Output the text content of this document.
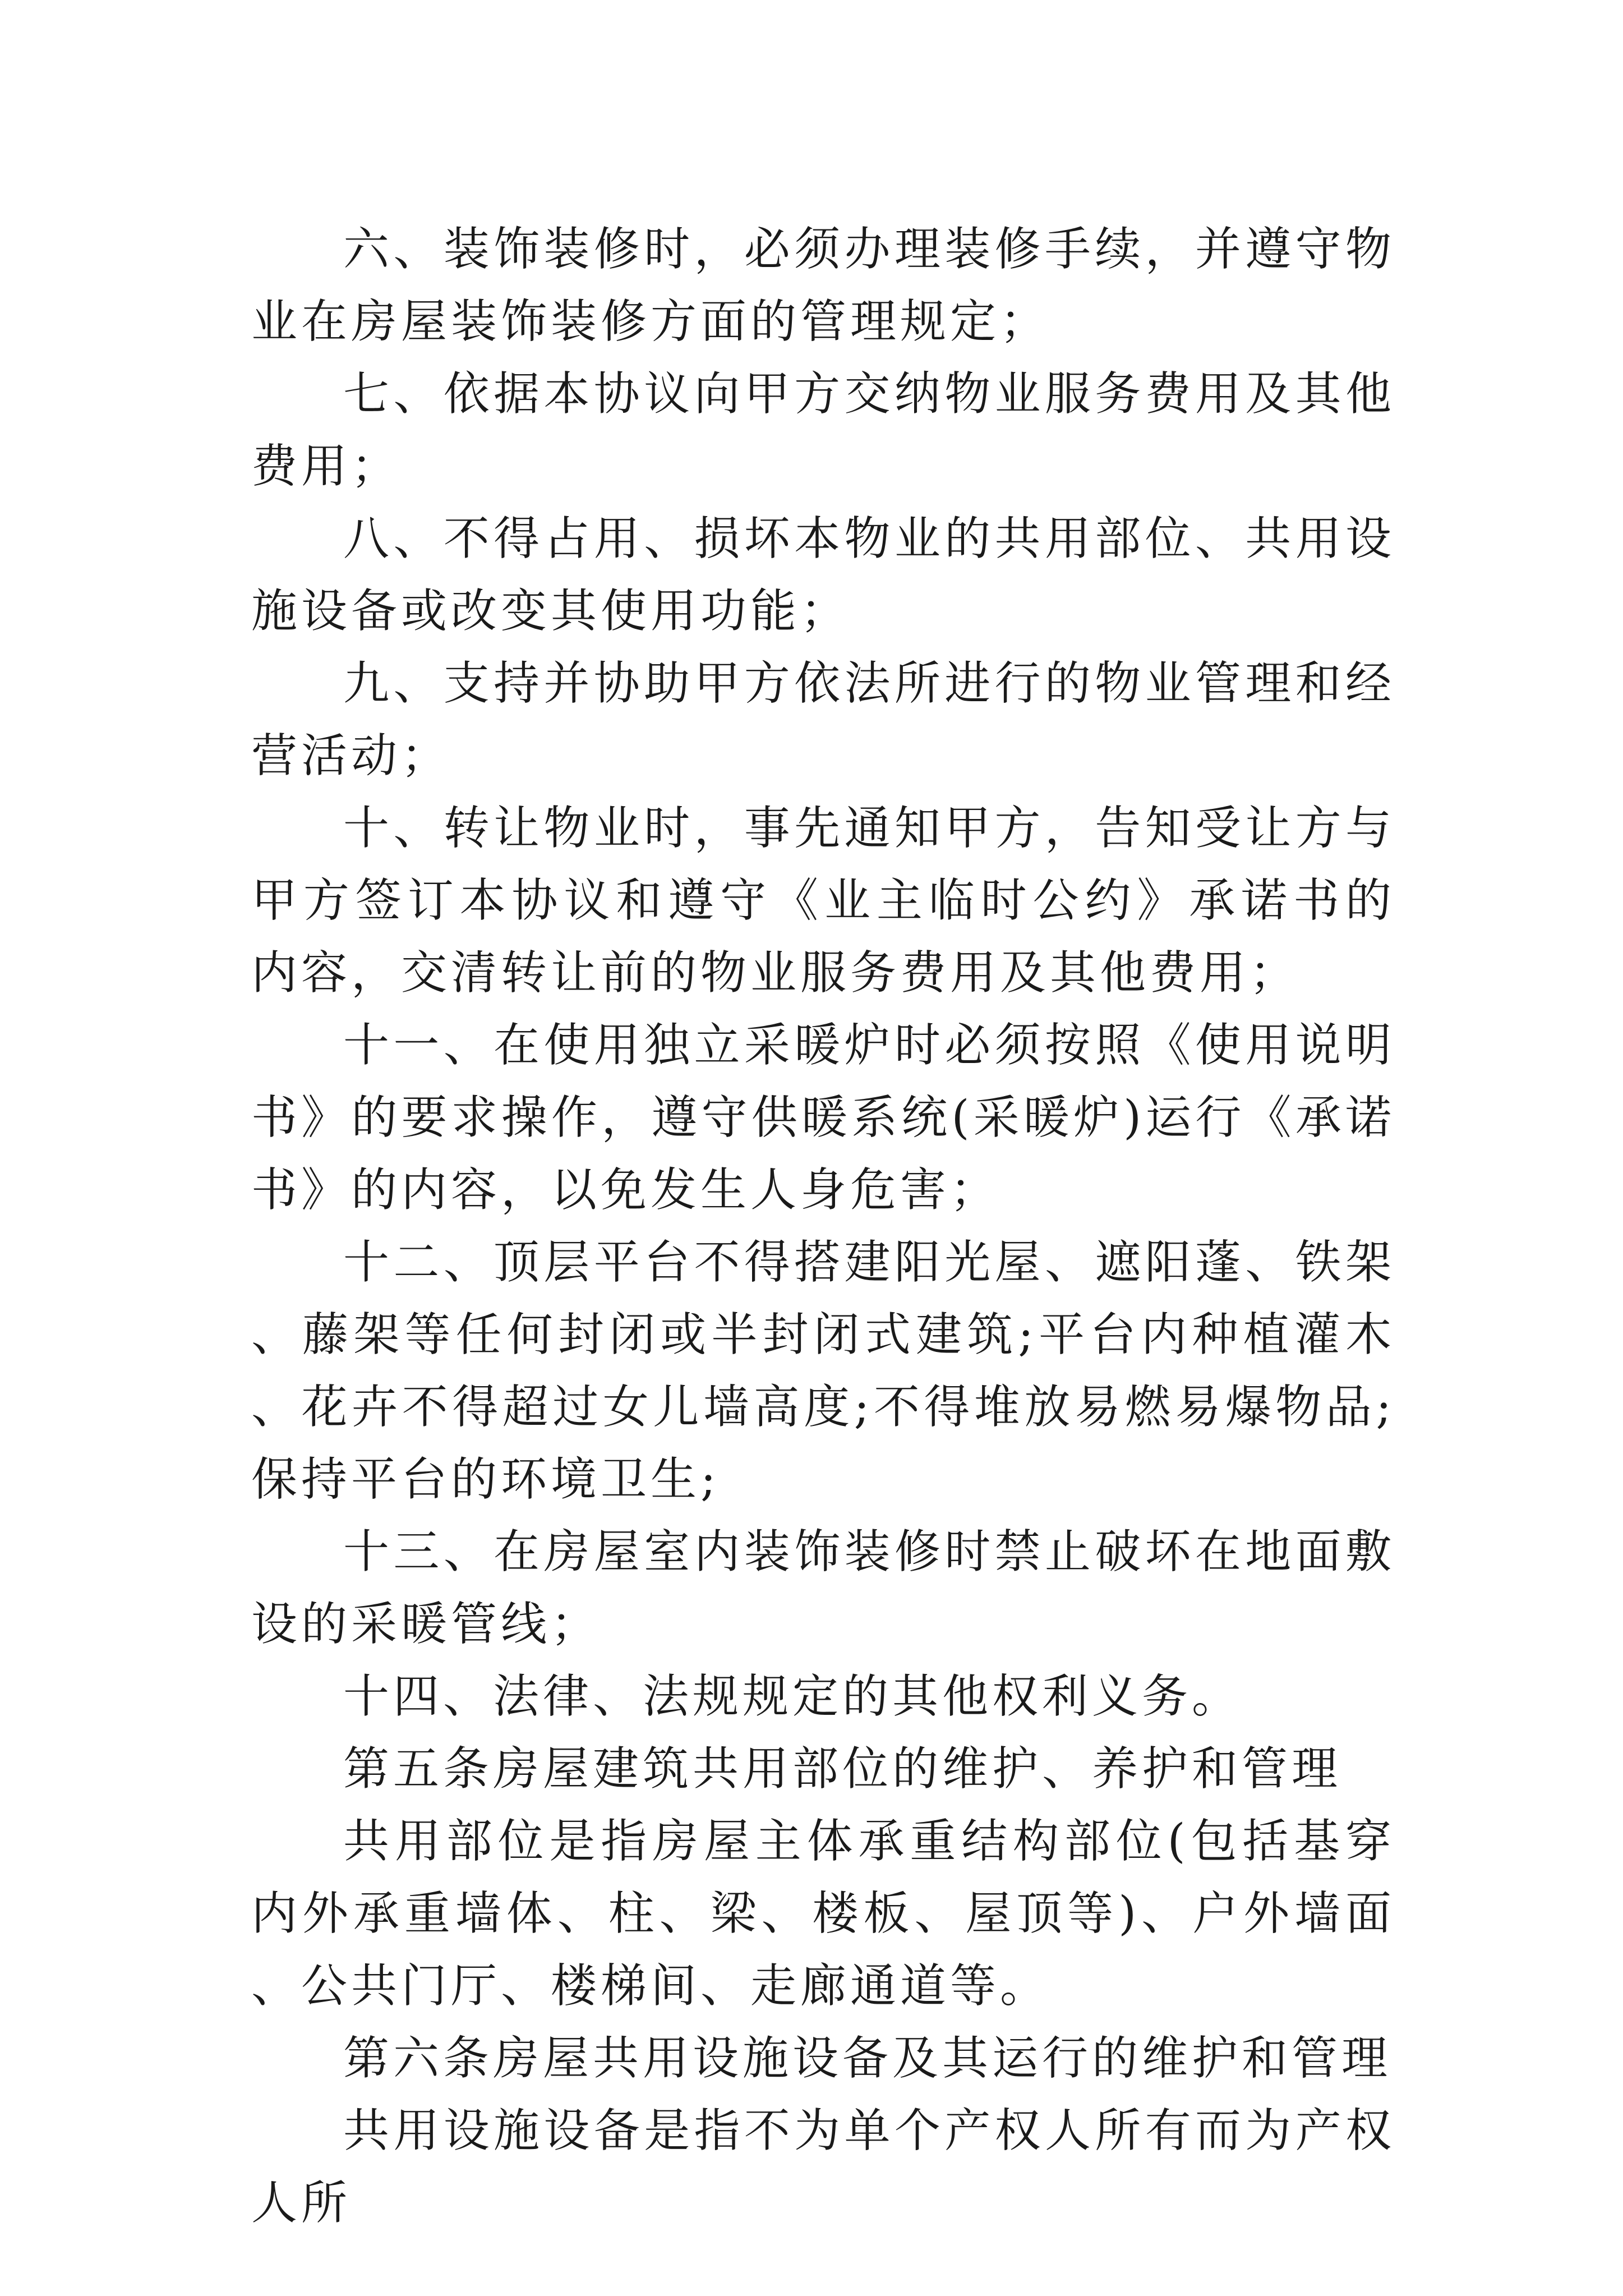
六、装饰装修时，必须办理装修手续，并遵守物业在房屋装饰装修方面的管理规定；

七、依据本协议向甲方交纳物业服务费用及其他费用；

八、不得占用、损坏本物业的共用部位、共用设施设备或改变其使用功能；

九、支持并协助甲方依法所进行的物业管理和经营活动；

十、转让物业时，事先通知甲方，告知受让方与甲方签订本协议和遵守《业主临时公约》承诺书的内容，交清转让前的物业服务费用及其他费用；

十一、在使用独立采暖炉时必须按照《使用说明书》的要求操作，遵守供暖系统(采暖炉)运行《承诺书》的内容，以免发生人身危害；

十二、顶层平台不得搭建阳光屋、遮阳蓬、铁架、藤架等任何封闭或半封闭式建筑;平台内种植灌木、花卉不得超过女儿墙高度;不得堆放易燃易爆物品;保持平台的环境卫生;

十三、在房屋室内装饰装修时禁止破坏在地面敷设的采暖管线；

十四、法律、法规规定的其他权利义务。

第五条房屋建筑共用部位的维护、养护和管理

共用部位是指房屋主体承重结构部位(包括基穿内外承重墙体、柱、梁、楼板、屋顶等)、户外墙面、公共门厅、楼梯间、走廊通道等。

第六条房屋共用设施设备及其运行的维护和管理

共用设施设备是指不为单个产权人所有而为产权人所
